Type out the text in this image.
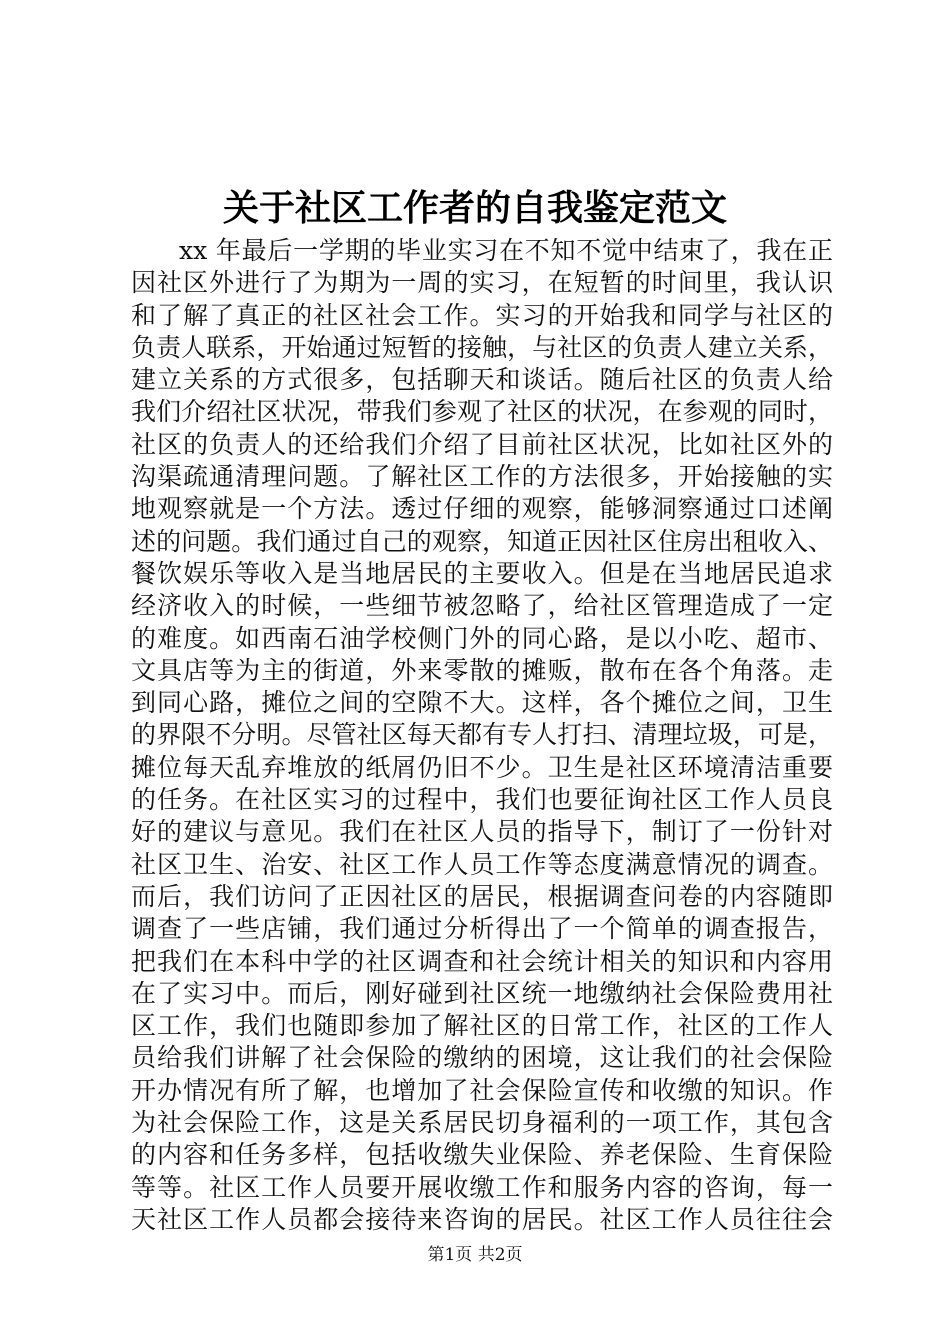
关于社区工作者的自我鉴定范文
xx 年最后一学期的毕业实习在不知不觉中结束了，我在正
因社区外进行了为期为一周的实习，在短暂的时间里，我认识
和了解了真正的社区社会工作。实习的开始我和同学与社区的
负责人联系，开始通过短暂的接触，与社区的负责人建立关系，
建立关系的方式很多，包括聊天和谈话。随后社区的负责人给
我们介绍社区状况，带我们参观了社区的状况，在参观的同时，
社区的负责人的还给我们介绍了目前社区状况，比如社区外的
沟渠疏通清理问题。了解社区工作的方法很多，开始接触的实
地观察就是一个方法。透过仔细的观察，能够洞察通过口述阐
述的问题。我们通过自己的观察，知道正因社区住房出租收入、
餐饮娱乐等收入是当地居民的主要收入。但是在当地居民追求
经济收入的时候，一些细节被忽略了，给社区管理造成了一定
的难度。如西南石油学校侧门外的同心路，是以小吃、超市、
文具店等为主的街道，外来零散的摊贩，散布在各个角落。走
到同心路，摊位之间的空隙不大。这样，各个摊位之间，卫生
的界限不分明。尽管社区每天都有专人打扫、清理垃圾，可是，
摊位每天乱弃堆放的纸屑仍旧不少。卫生是社区环境清洁重要
的任务。在社区实习的过程中，我们也要征询社区工作人员良
好的建议与意见。我们在社区人员的指导下，制订了一份针对
社区卫生、治安、社区工作人员工作等态度满意情况的调查。
而后，我们访问了正因社区的居民，根据调查问卷的内容随即
调查了一些店铺，我们通过分析得出了一个简单的调查报告，
把我们在本科中学的社区调查和社会统计相关的知识和内容用
在了实习中。而后，刚好碰到社区统一地缴纳社会保险费用社
区工作，我们也随即参加了解社区的日常工作，社区的工作人
员给我们讲解了社会保险的缴纳的困境，这让我们的社会保险
开办情况有所了解，也增加了社会保险宣传和收缴的知识。作
为社会保险工作，这是关系居民切身福利的一项工作，其包含
的内容和任务多样，包括收缴失业保险、养老保险、生育保险
等等。社区工作人员要开展收缴工作和服务内容的咨询，每一
天社区工作人员都会接待来咨询的居民。社区工作人员往往会
第1页 共2页
